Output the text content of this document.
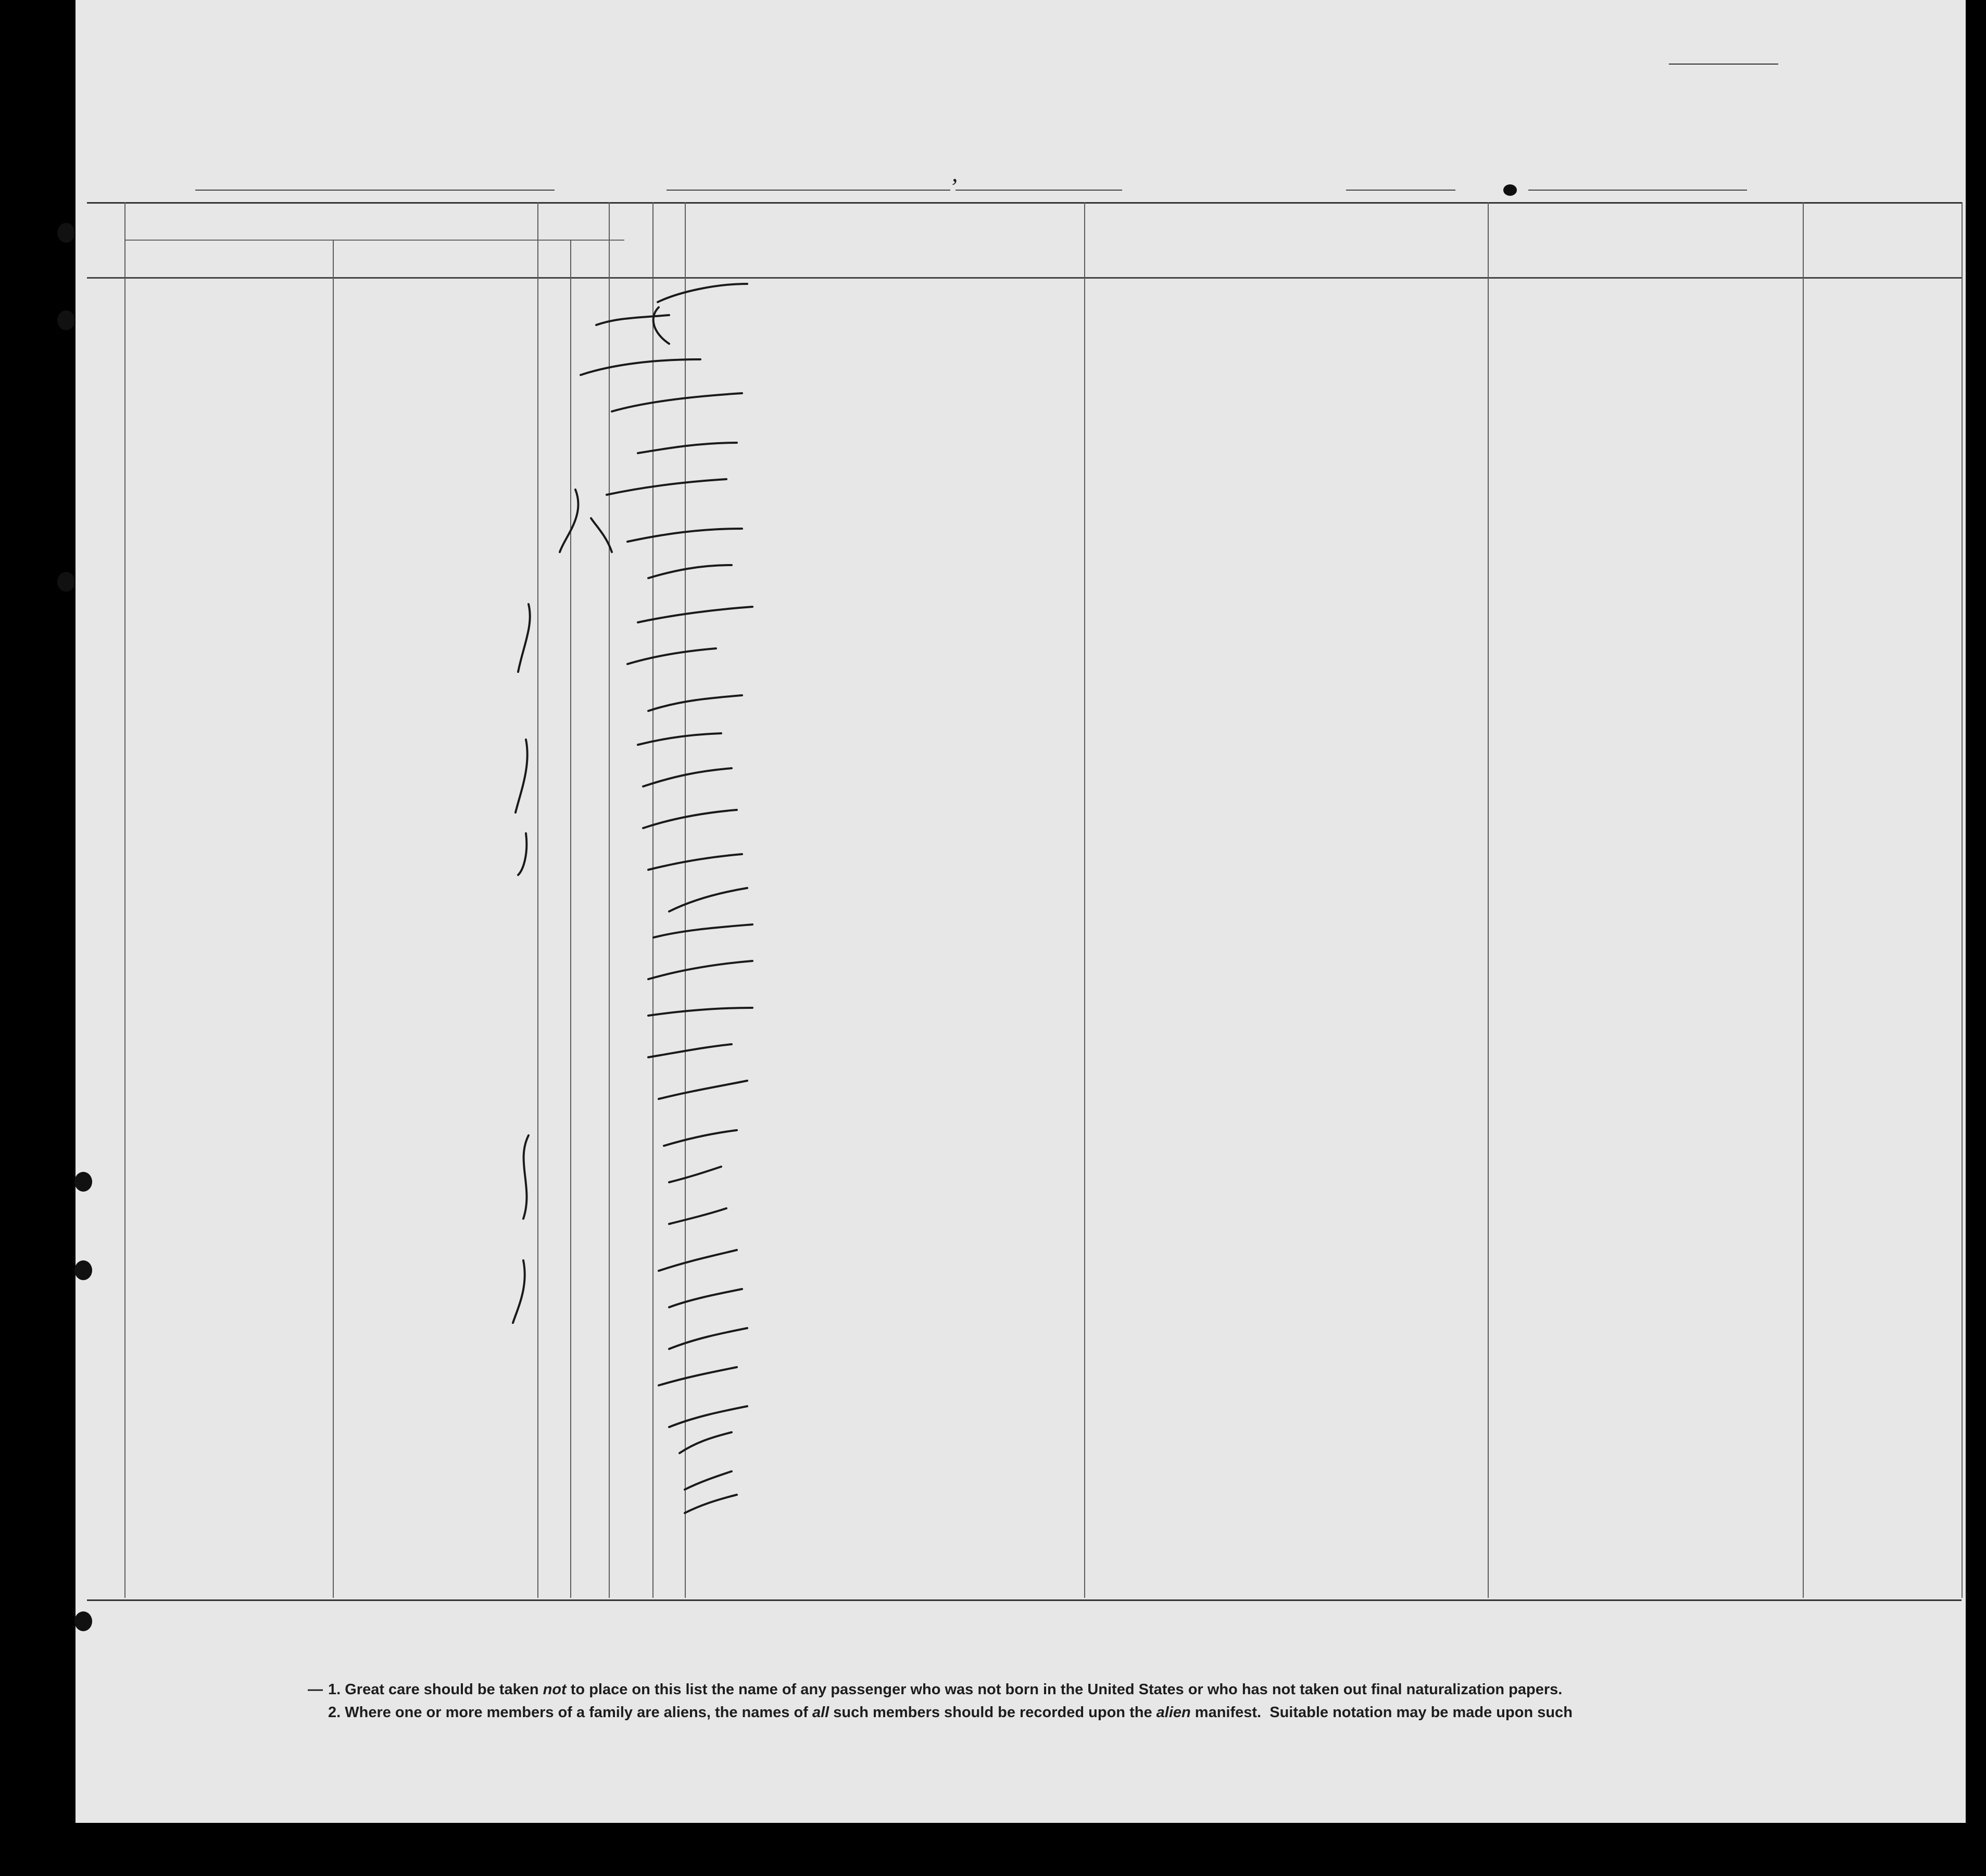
,
— 1. Great care should be taken not to place on this list the name of any passenger who was not born in the United States or who has not taken out final naturalization papers.
2. Where one or more members of a family are aliens, the names of all such members should be recorded upon the alien manifest.  Suitable notation may be made upon such
